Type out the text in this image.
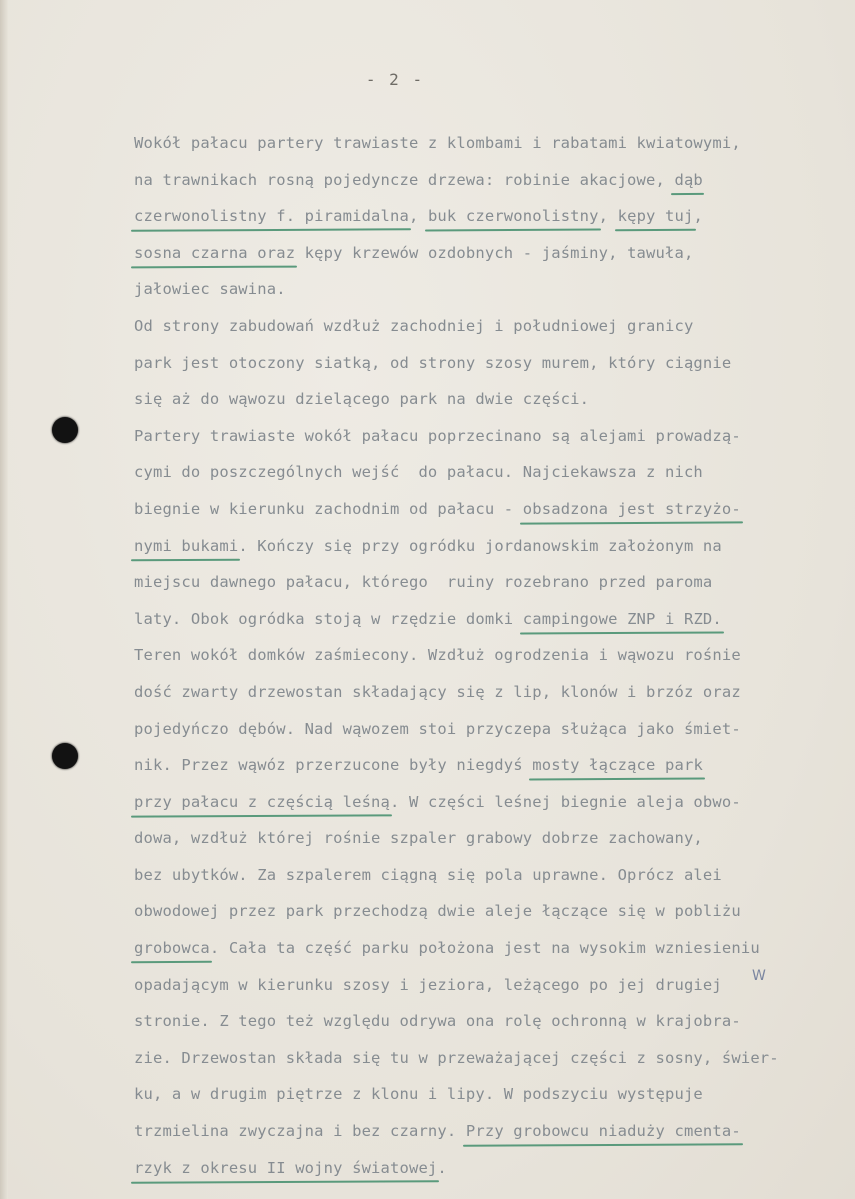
- 2 -
Wokół pałacu partery trawiaste z klombami i rabatami kwiatowymi,
na trawnikach rosną pojedyncze drzewa: robinie akacjowe, dąb
czerwonolistny f. piramidalna, buk czerwonolistny, kępy tuj,
sosna czarna oraz kępy krzewów ozdobnych - jaśminy, tawuła,
jałowiec sawina.
Od strony zabudowań wzdłuż zachodniej i południowej granicy
park jest otoczony siatką, od strony szosy murem, który ciągnie
się aż do wąwozu dzielącego park na dwie części.
Partery trawiaste wokół pałacu poprzecinano są alejami prowadzą-
cymi do poszczególnych wejść  do pałacu. Najciekawsza z nich
biegnie w kierunku zachodnim od pałacu - obsadzona jest strzyżo-
nymi bukami. Kończy się przy ogródku jordanowskim założonym na
miejscu dawnego pałacu, którego  ruiny rozebrano przed paroma
laty. Obok ogródka stoją w rzędzie domki campingowe ZNP i RZD.
Teren wokół domków zaśmiecony. Wzdłuż ogrodzenia i wąwozu rośnie
dość zwarty drzewostan składający się z lip, klonów i brzóz oraz
pojedyńczo dębów. Nad wąwozem stoi przyczepa służąca jako śmiet-
nik. Przez wąwóz przerzucone były niegdyś mosty łączące park
przy pałacu z częścią leśną. W części leśnej biegnie aleja obwo-
dowa, wzdłuż której rośnie szpaler grabowy dobrze zachowany,
bez ubytków. Za szpalerem ciągną się pola uprawne. Oprócz alei
obwodowej przez park przechodzą dwie aleje łączące się w pobliżu
grobowca. Cała ta część parku położona jest na wysokim wzniesieniu
opadającym w kierunku szosy i jeziora, leżącego po jej drugiej
stronie. Z tego też względu odrywa ona rolę ochronną w krajobra-
zie. Drzewostan składa się tu w przeważającej części z sosny, świer-
ku, a w drugim piętrze z klonu i lipy. W podszyciu występuje
trzmielina zwyczajna i bez czarny. Przy grobowcu niaduży cmenta-
rzyk z okresu II wojny światowej.
W
